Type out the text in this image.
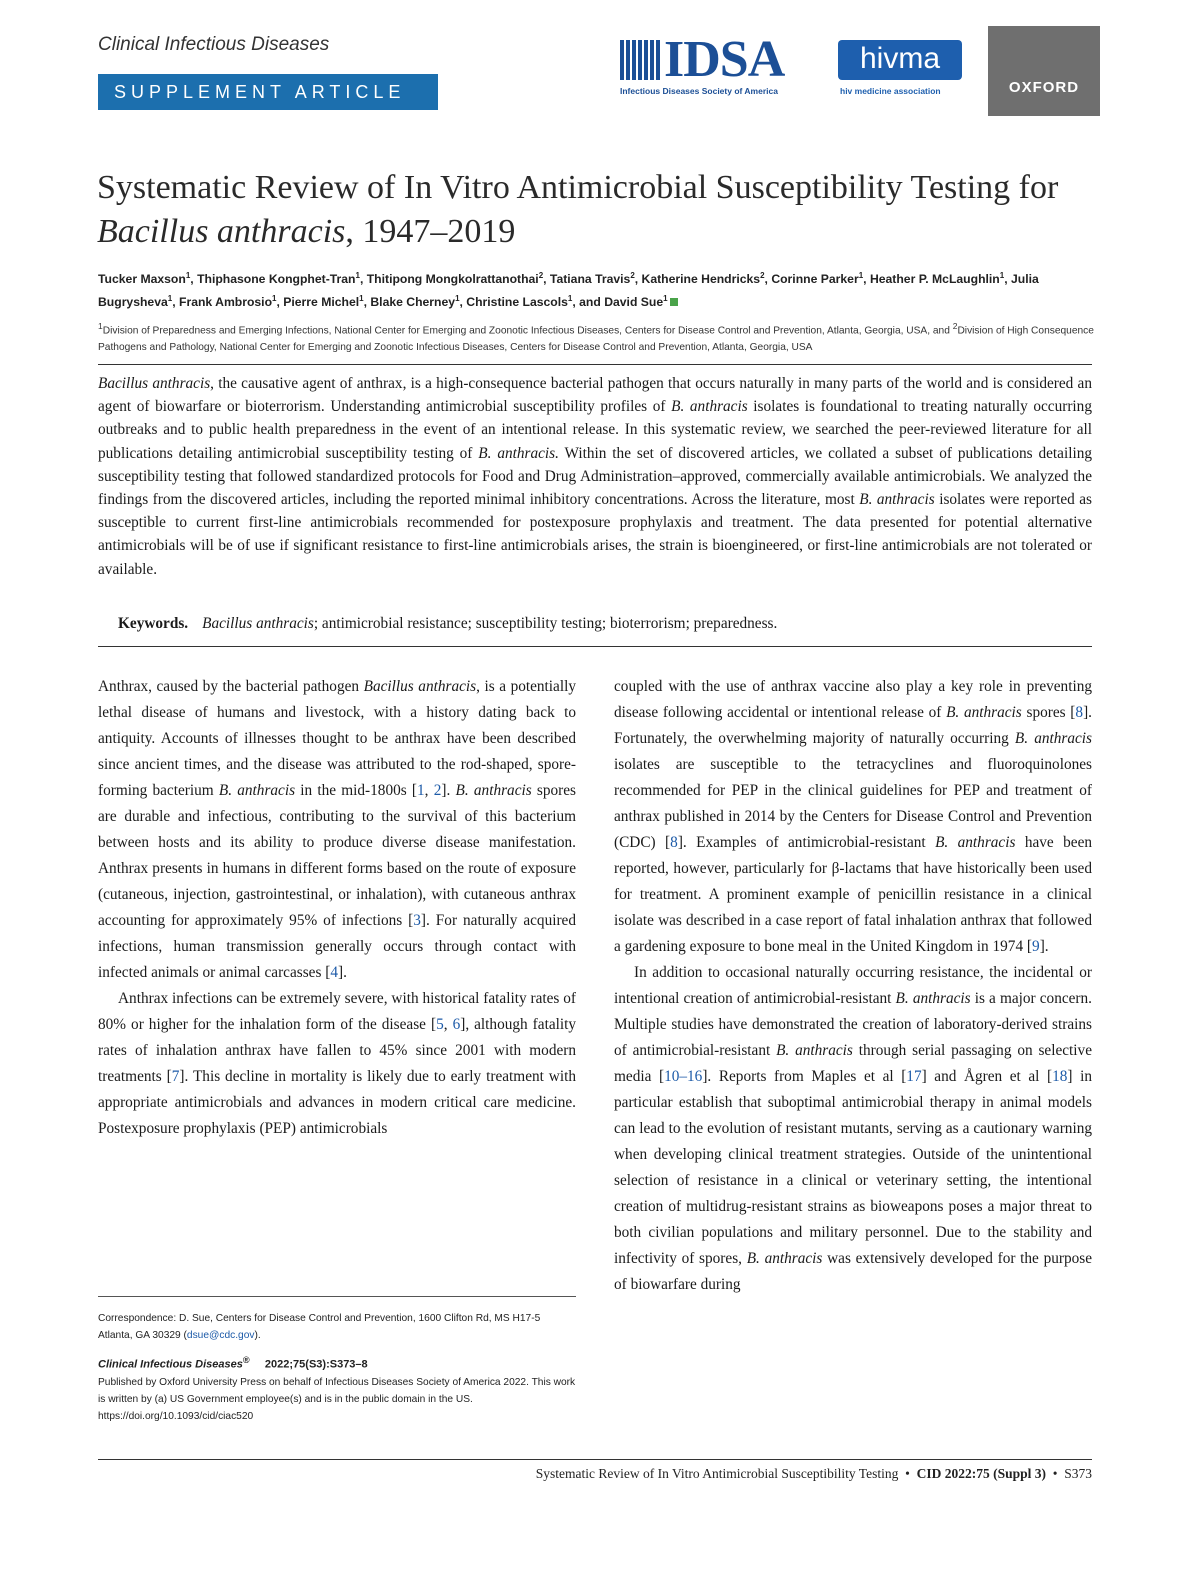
Clinical Infectious Diseases
SUPPLEMENT ARTICLE
IDSA
Infectious Diseases Society of America
hivma
hiv medicine association	OXFORD
Systematic Review of In Vitro Antimicrobial Susceptibility Testing for Bacillus anthracis, 1947–2019
Tucker Maxson$^1$, Thiphasone Kongphet-Tran$^1$, Thitipong Mongkolrattanothai$^2$, Tatiana Travis$^2$, Katherine Hendricks$^2$, Corinne Parker$^1$, Heather P. McLaughlin$^1$, Julia Bugrysheva$^1$, Frank Ambrosio$^1$, Pierre Michel$^1$, Blake Cherney$^1$, Christine Lascols$^1$, and David Sue$^1$
$^1$Division of Preparedness and Emerging Infections, National Center for Emerging and Zoonotic Infectious Diseases, Centers for Disease Control and Prevention, Atlanta, Georgia, USA, and $^2$Division of High Consequence Pathogens and Pathology, National Center for Emerging and Zoonotic Infectious Diseases, Centers for Disease Control and Prevention, Atlanta, Georgia, USA
Bacillus anthracis, the causative agent of anthrax, is a high-consequence bacterial pathogen that occurs naturally in many parts of the world and is considered an agent of biowarfare or bioterrorism. Understanding antimicrobial susceptibility profiles of B. anthracis isolates is foundational to treating naturally occurring outbreaks and to public health preparedness in the event of an intentional release. In this systematic review, we searched the peer-reviewed literature for all publications detailing antimicrobial susceptibility testing of B. anthracis. Within the set of discovered articles, we collated a subset of publications detailing susceptibility testing that followed standardized protocols for Food and Drug Administration–approved, commercially available antimicrobials. We analyzed the findings from the discovered articles, including the reported minimal inhibitory concentrations. Across the literature, most B. anthracis isolates were reported as susceptible to current first-line antimicrobials recommended for postexposure prophylaxis and treatment. The data presented for potential alternative antimicrobials will be of use if significant resistance to first-line antimicrobials arises, the strain is bioengineered, or first-line antimicrobials are not tolerated or available.
Keywords. Bacillus anthracis; antimicrobial resistance; susceptibility testing; bioterrorism; preparedness.

Anthrax, caused by the bacterial pathogen Bacillus anthracis, is a potentially lethal disease of humans and livestock, with a history dating back to antiquity. Accounts of illnesses thought to be anthrax have been described since ancient times, and the disease was attributed to the rod-shaped, spore-forming bacterium B. anthracis in the mid-1800s [1, 2]. B. anthracis spores are durable and infectious, contributing to the survival of this bacterium between hosts and its ability to produce diverse disease manifestation. Anthrax presents in humans in different forms based on the route of exposure (cutaneous, injection, gastrointestinal, or inhalation), with cutaneous anthrax accounting for approximately 95% of infections [3]. For naturally acquired infections, human transmission generally occurs through contact with infected animals or animal carcasses [4].

Anthrax infections can be extremely severe, with historical fatality rates of 80% or higher for the inhalation form of the disease [5, 6], although fatality rates of inhalation anthrax have fallen to 45% since 2001 with modern treatments [7]. This decline in mortality is likely due to early treatment with appropriate antimicrobials and advances in modern critical care medicine. Postexposure prophylaxis (PEP) antimicrobials

coupled with the use of anthrax vaccine also play a key role in preventing disease following accidental or intentional release of B. anthracis spores [8]. Fortunately, the overwhelming majority of naturally occurring B. anthracis isolates are susceptible to the tetracyclines and fluoroquinolones recommended for PEP in the clinical guidelines for PEP and treatment of anthrax published in 2014 by the Centers for Disease Control and Prevention (CDC) [8]. Examples of antimicrobial-resistant B. anthracis have been reported, however, particularly for β-lactams that have historically been used for treatment. A prominent example of penicillin resistance in a clinical isolate was described in a case report of fatal inhalation anthrax that followed a gardening exposure to bone meal in the United Kingdom in 1974 [9].

In addition to occasional naturally occurring resistance, the incidental or intentional creation of antimicrobial-resistant B. anthracis is a major concern. Multiple studies have demonstrated the creation of laboratory-derived strains of antimicrobial-resistant B. anthracis through serial passaging on selective media [10–16]. Reports from Maples et al [17] and Ågren et al [18] in particular establish that suboptimal antimicrobial therapy in animal models can lead to the evolution of resistant mutants, serving as a cautionary warning when developing clinical treatment strategies. Outside of the unintentional selection of resistance in a clinical or veterinary setting, the intentional creation of multidrug-resistant strains as bioweapons poses a major threat to both civilian populations and military personnel. Due to the stability and infectivity of spores, B. anthracis was extensively developed for the purpose of biowarfare during

Correspondence: D. Sue, Centers for Disease Control and Prevention, 1600 Clifton Rd, MS H17-5 Atlanta, GA 30329 (dsue@cdc.gov).
Clinical Infectious Diseases® 2022;75(S3):S373–8
Published by Oxford University Press on behalf of Infectious Diseases Society of America 2022. This work is written by (a) US Government employee(s) and is in the public domain in the US. https://doi.org/10.1093/cid/ciac520
Systematic Review of In Vitro Antimicrobial Susceptibility Testing • CID 2022:75 (Suppl 3) • S373
